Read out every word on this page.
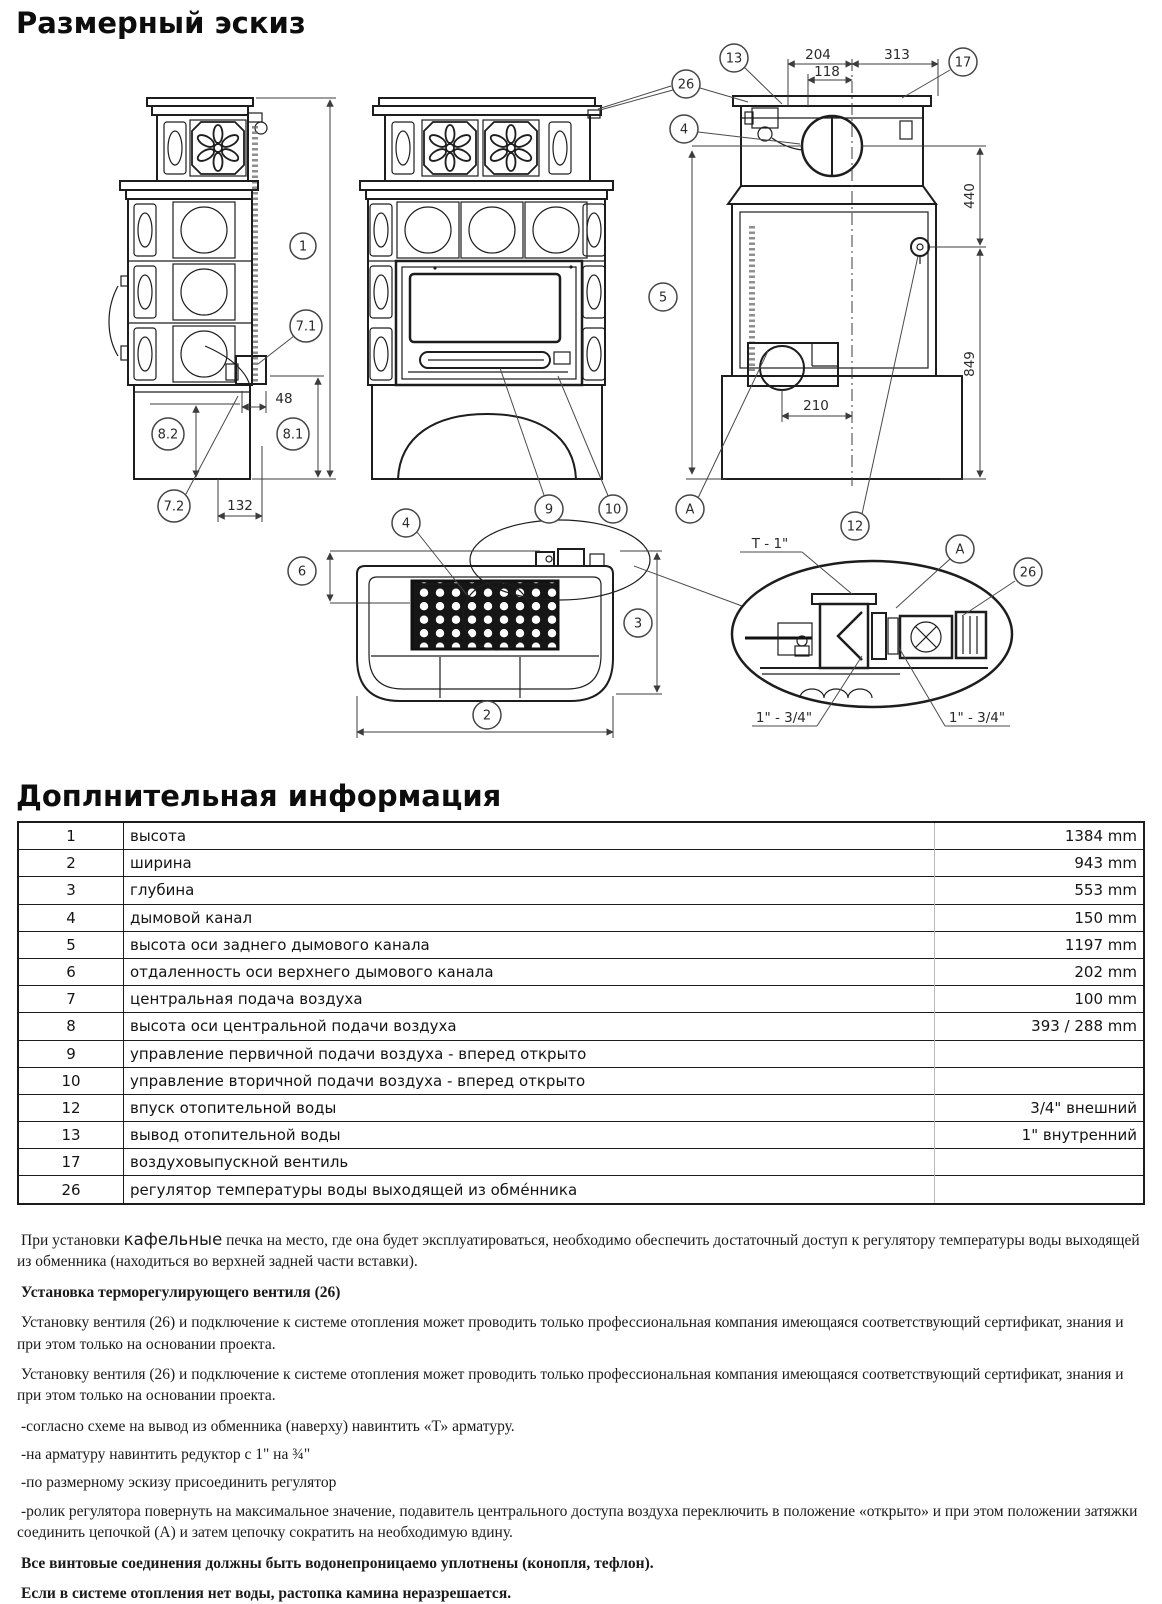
Размерный эскиз
48
132
1
7.1
8.2	8.1
7.2
204	313
118
440
849
210
13	17
26
4
5
A
12
6
4
9	10
2
3
T - 1"
1" - 3/4"	1" - 3/4"
A
26
Доплнительная информация
1	высота	1384 mm
2	ширина	943 mm
3	глубина	553 mm
4	дымовой канал	150 mm
5	высота оси заднего дымового канала	1197 mm
6	отдаленность оси верхнего дымового канала	202 mm
7	центральная подача воздуха	100 mm
8	высота оси центральной подачи воздуха	393 / 288 mm
9	управление первичной подачи воздуха - вперед открыто	
10	управление вторичной подачи воздуха - вперед открыто	
12	впуск отопительной воды	3/4" внешний
13	вывод отопительной воды	1" внутренний
17	воздуховыпускной вентиль	
26	регулятор температуры воды выходящей из обме́нника	

При установки кафельные печка на место, где она будет эксплуатироваться, необходимо обеспечить достаточный доступ к регулятору температуры воды выходящей из обменника (находиться во верхней задней части вставки).

Установка терморегулирующего вентиля (26)

Установку вентиля (26) и подключение к системе отопления может проводить только профессиональная компания имеющаяся соответствующий сертификат, знания и при этом только на основании проекта.

Установку вентиля (26) и подключение к системе отопления может проводить только профессиональная компания имеющаяся соответствующий сертификат, знания и при этом только на основании проекта.

-согласно схеме на вывод из обменника (наверху) навинтить «Т» арматуру.

-на арматуру навинтить редуктор с 1" на ¾"

-по размерному эскизу присоединить регулятор

-ролик регулятора повернуть на максимальное значение, подавитель центрального доступа воздуха переключить в положение «открыто» и при этом положении затяжки соединить цепочкой (А) и затем цепочку сократить на необходимую вдину.

Все винтовые соединения должны быть водонепроницаемо уплотнены (конопля, тефлон).

Если в системе отопления нет воды, растопка камина неразрешается.
